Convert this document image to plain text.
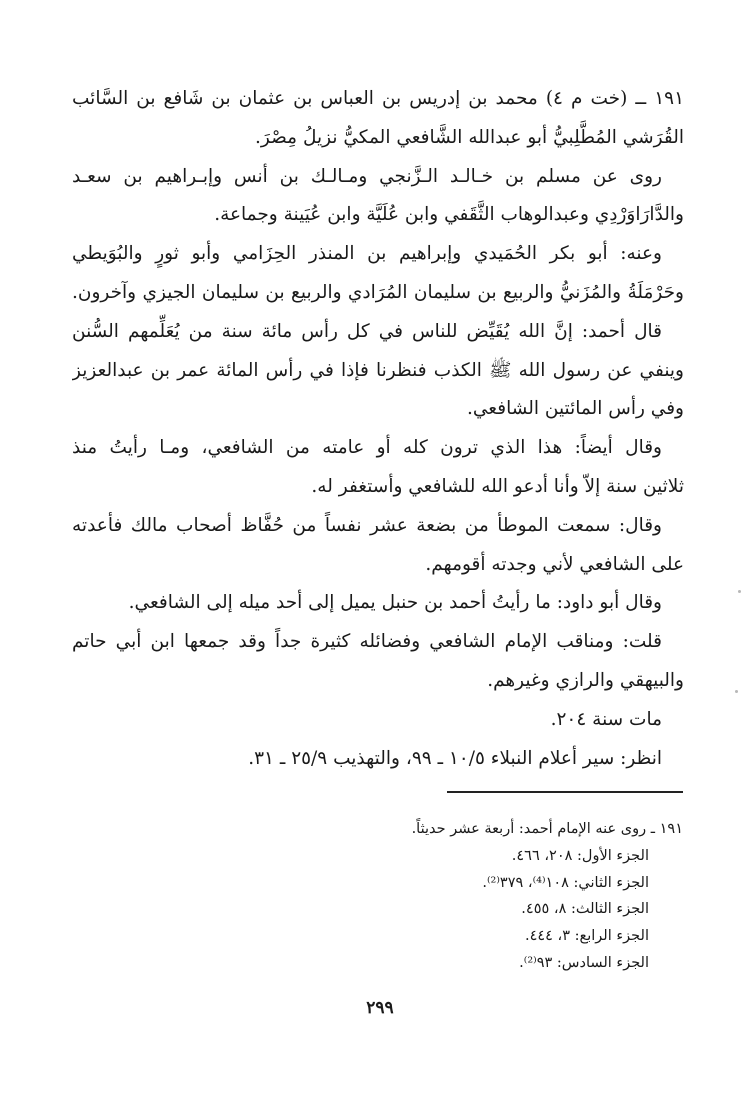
١٩١ ــ (خت م ٤) محمد بن إدريس بن العباس بن عثمان بن شَافع بن السَّائب
القُرَشي المُطَّلِبيُّ أبو عبدالله الشَّافعي المكيُّ نزيلُ مِصْرَ.
روى عن مسلم بن خـالـد الـزَّنجي ومـالـك بن أنس وإبـراهيم بن سعـد
والدَّارَاوَرْدِي وعبدالوهاب الثَّقَفي وابن عُلَيَّة وابن عُيَينة وجماعة.
وعنه: أبو بكر الحُمَيدي وإبراهيم بن المنذر الحِزَامي وأبو ثورٍ والبُوَيطي
وحَرْمَلَةُ والمُزَنيُّ والربيع بن سليمان المُرَادي والربيع بن سليمان الجيزي وآخرون.
قال أحمد: إنَّ الله يُقَيِّض للناس في كل رأس مائة سنة من يُعَلِّمهم السُّنن
وينفي عن رسول الله ﷺ الكذب فنظرنا فإذا في رأس المائة عمر بن عبدالعزيز
وفي رأس المائتين الشافعي.
وقال أيضاً: هذا الذي ترون كله أو عامته من الشافعي، ومـا رأيتُ منذ
ثلاثين سنة إلاّ وأنا أدعو الله للشافعي وأستغفر له.
وقال: سمعت الموطأ من بضعة عشر نفساً من حُفَّاظ أصحاب مالك فأعدته
على الشافعي لأني وجدته أقومهم.
وقال أبو داود: ما رأيتُ أحمد بن حنبل يميل إلى أحد ميله إلى الشافعي.
قلت: ومناقب الإمام الشافعي وفضائله كثيرة جداً وقد جمعها ابن أبي حاتم
والبيهقي والرازي وغيرهم.
مات سنة ٢٠٤.
انظر: سير أعلام النبلاء ١٠/٥ ـ ٩٩، والتهذيب ٢٥/٩ ـ ٣١.
١٩١ ـ روى عنه الإمام أحمد: أربعة عشر حديثاً.
الجزء الأول: ٢٠٨، ٤٦٦.
الجزء الثاني: ١٠٨⁽⁴⁾، ٣٧٩⁽²⁾.
الجزء الثالث: ٨، ٤٥٥.
الجزء الرابع: ٣، ٤٤٤.
الجزء السادس: ٩٣⁽²⁾.
٢٩٩
